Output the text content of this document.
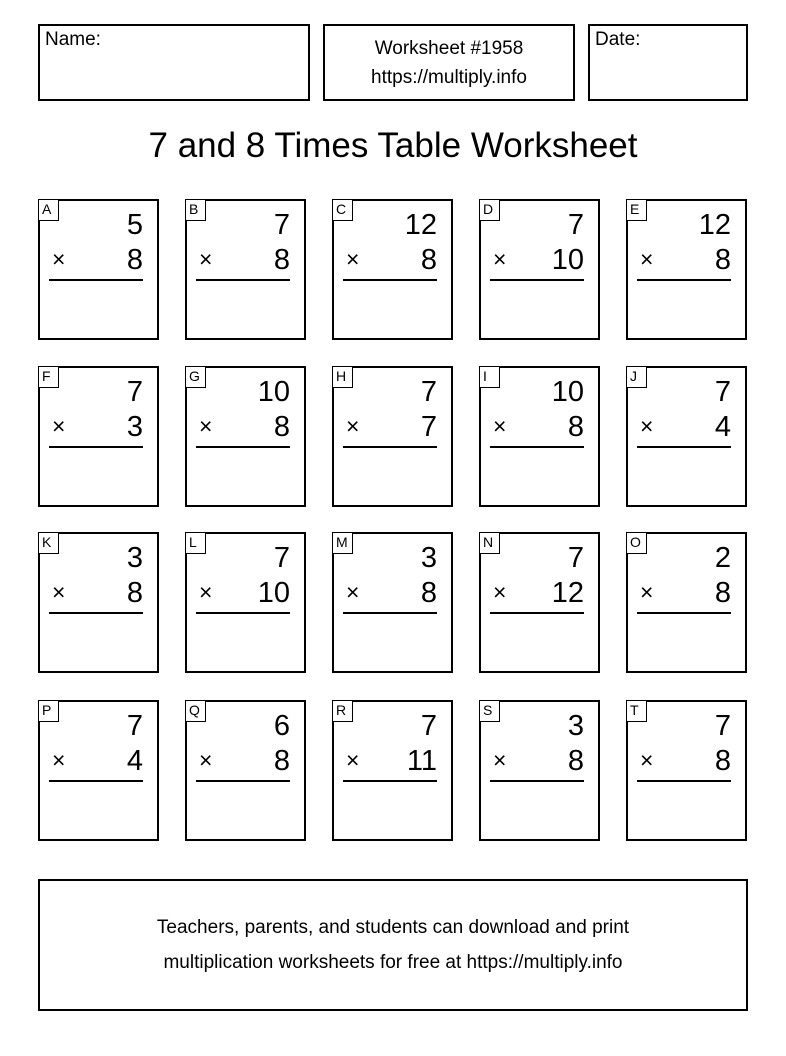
Name:	Worksheet #1958
https://multiply.info
Date:
7 and 8 Times Table Worksheet
A	5
× 8
B	7
× 8
C 12
× 8
D	7
× 10
E 12
× 8
F	7
× 3
G 10
× 8
H	7
× 7
I	10
× 8
J	7
× 4
K	3
× 8
L	7
× 10
M	3
× 8
N	7
× 12
O	2
× 8
P	7
× 4
Q	6
× 8
R	7
× 11
S	3
× 8
T	7
× 8
Teachers, parents, and students can download and print
multiplication worksheets for free at https://multiply.info
